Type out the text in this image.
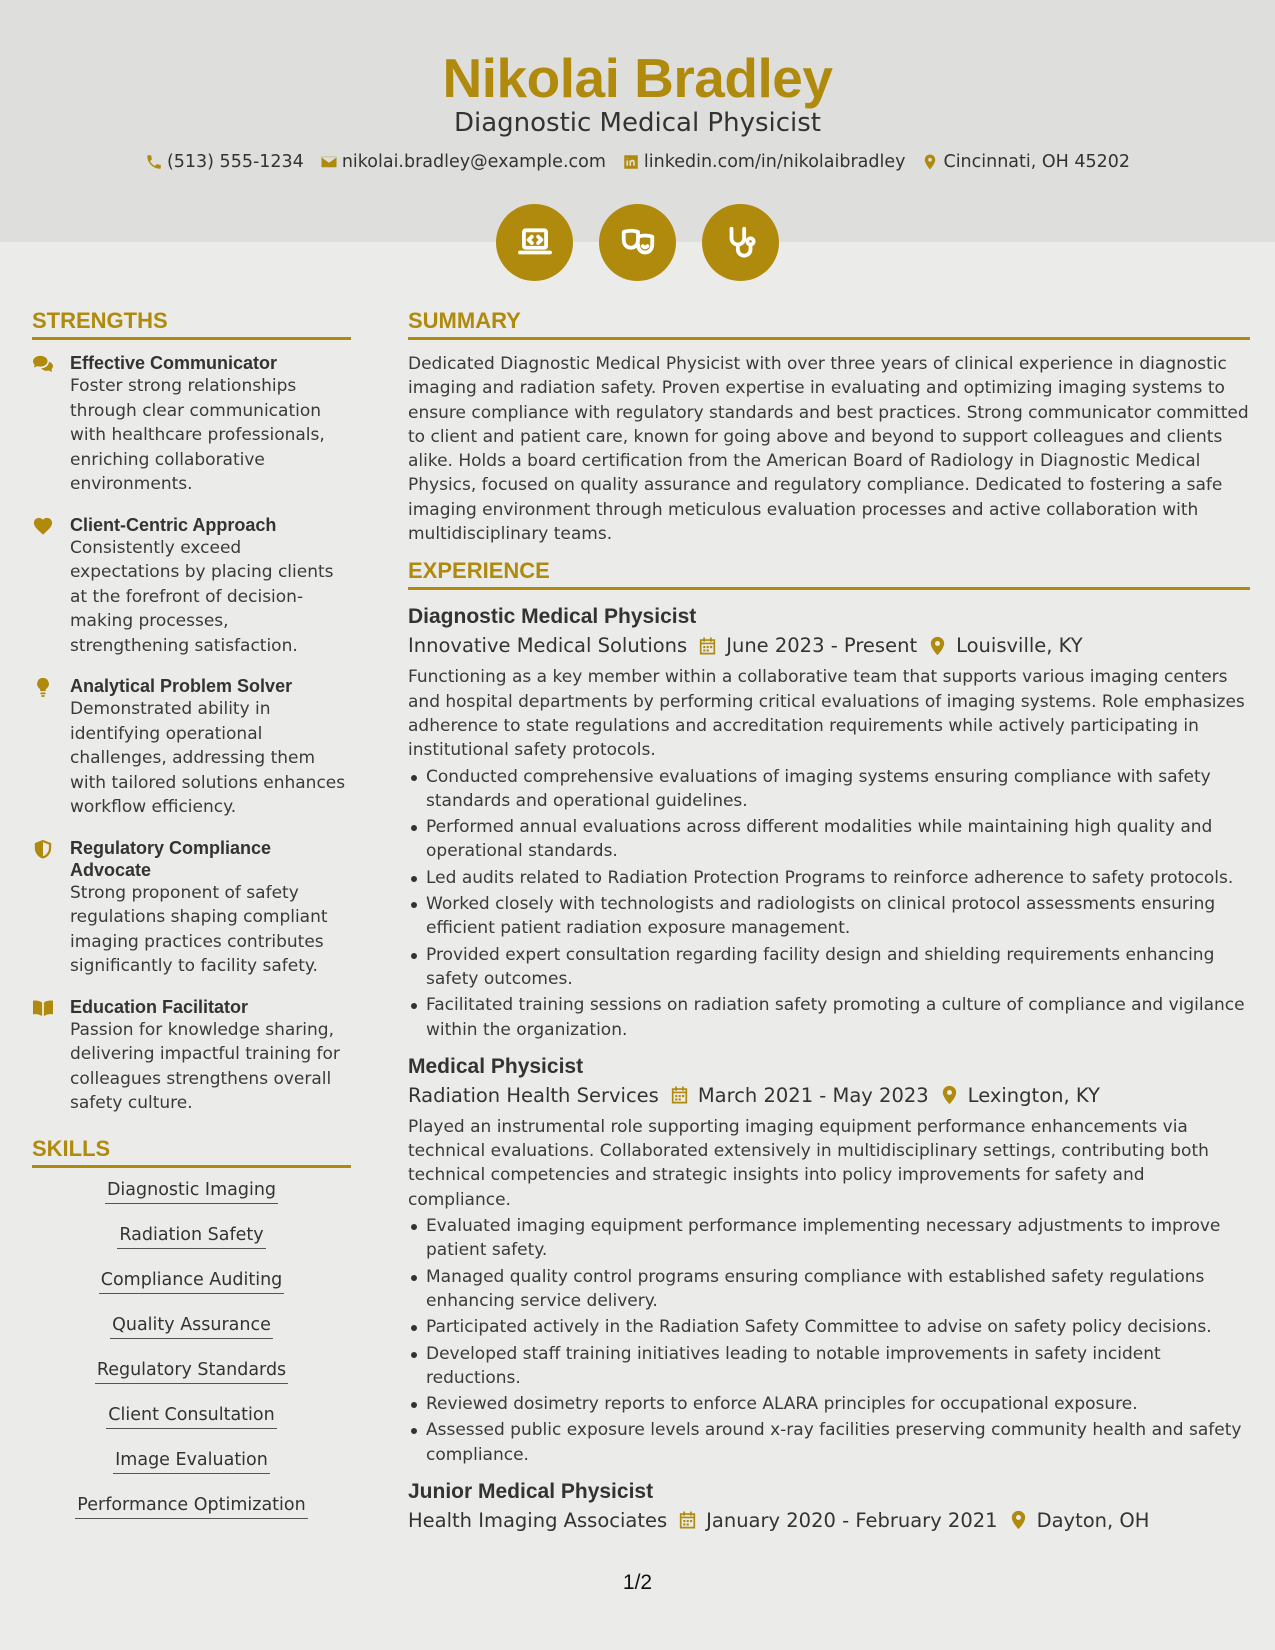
Nikolai Bradley
Diagnostic Medical Physicist
(513) 555-1234 nikolai.bradley@example.com linkedin.com/in/nikolaibradley Cincinnati, OH 45202
STRENGTHS
Effective Communicator
Foster strong relationships through clear communication with healthcare professionals, enriching collaborative environments.
Client-Centric Approach
Consistently exceed expectations by placing clients at the forefront of decision-making processes, strengthening satisfaction.
Analytical Problem Solver
Demonstrated ability in identifying operational challenges, addressing them with tailored solutions enhances workflow efficiency.
Regulatory Compliance Advocate
Strong proponent of safety regulations shaping compliant imaging practices contributes significantly to facility safety.
Education Facilitator
Passion for knowledge sharing, delivering impactful training for colleagues strengthens overall safety culture.
SKILLS
Diagnostic Imaging
Radiation Safety
Compliance Auditing
Quality Assurance
Regulatory Standards
Client Consultation
Image Evaluation
Performance Optimization
SUMMARY
Dedicated Diagnostic Medical Physicist with over three years of clinical experience in diagnostic imaging and radiation safety. Proven expertise in evaluating and optimizing imaging systems to ensure compliance with regulatory standards and best practices. Strong communicator committed to client and patient care, known for going above and beyond to support colleagues and clients alike. Holds a board certification from the American Board of Radiology in Diagnostic Medical Physics, focused on quality assurance and regulatory compliance. Dedicated to fostering a safe imaging environment through meticulous evaluation processes and active collaboration with multidisciplinary teams.
EXPERIENCE
Diagnostic Medical Physicist
Innovative Medical Solutions June 2023 - Present Louisville, KY
Functioning as a key member within a collaborative team that supports various imaging centers and hospital departments by performing critical evaluations of imaging systems. Role emphasizes adherence to state regulations and accreditation requirements while actively participating in institutional safety protocols.
Conducted comprehensive evaluations of imaging systems ensuring compliance with safety standards and operational guidelines.
Performed annual evaluations across different modalities while maintaining high quality and operational standards.
Led audits related to Radiation Protection Programs to reinforce adherence to safety protocols.
Worked closely with technologists and radiologists on clinical protocol assessments ensuring efficient patient radiation exposure management.
Provided expert consultation regarding facility design and shielding requirements enhancing safety outcomes.
Facilitated training sessions on radiation safety promoting a culture of compliance and vigilance within the organization.
Medical Physicist
Radiation Health Services March 2021 - May 2023 Lexington, KY
Played an instrumental role supporting imaging equipment performance enhancements via technical evaluations. Collaborated extensively in multidisciplinary settings, contributing both technical competencies and strategic insights into policy improvements for safety and compliance.
Evaluated imaging equipment performance implementing necessary adjustments to improve patient safety.
Managed quality control programs ensuring compliance with established safety regulations enhancing service delivery.
Participated actively in the Radiation Safety Committee to advise on safety policy decisions.
Developed staff training initiatives leading to notable improvements in safety incident reductions.
Reviewed dosimetry reports to enforce ALARA principles for occupational exposure.
Assessed public exposure levels around x-ray facilities preserving community health and safety compliance.
Junior Medical Physicist
Health Imaging Associates January 2020 - February 2021 Dayton, OH
1/2
